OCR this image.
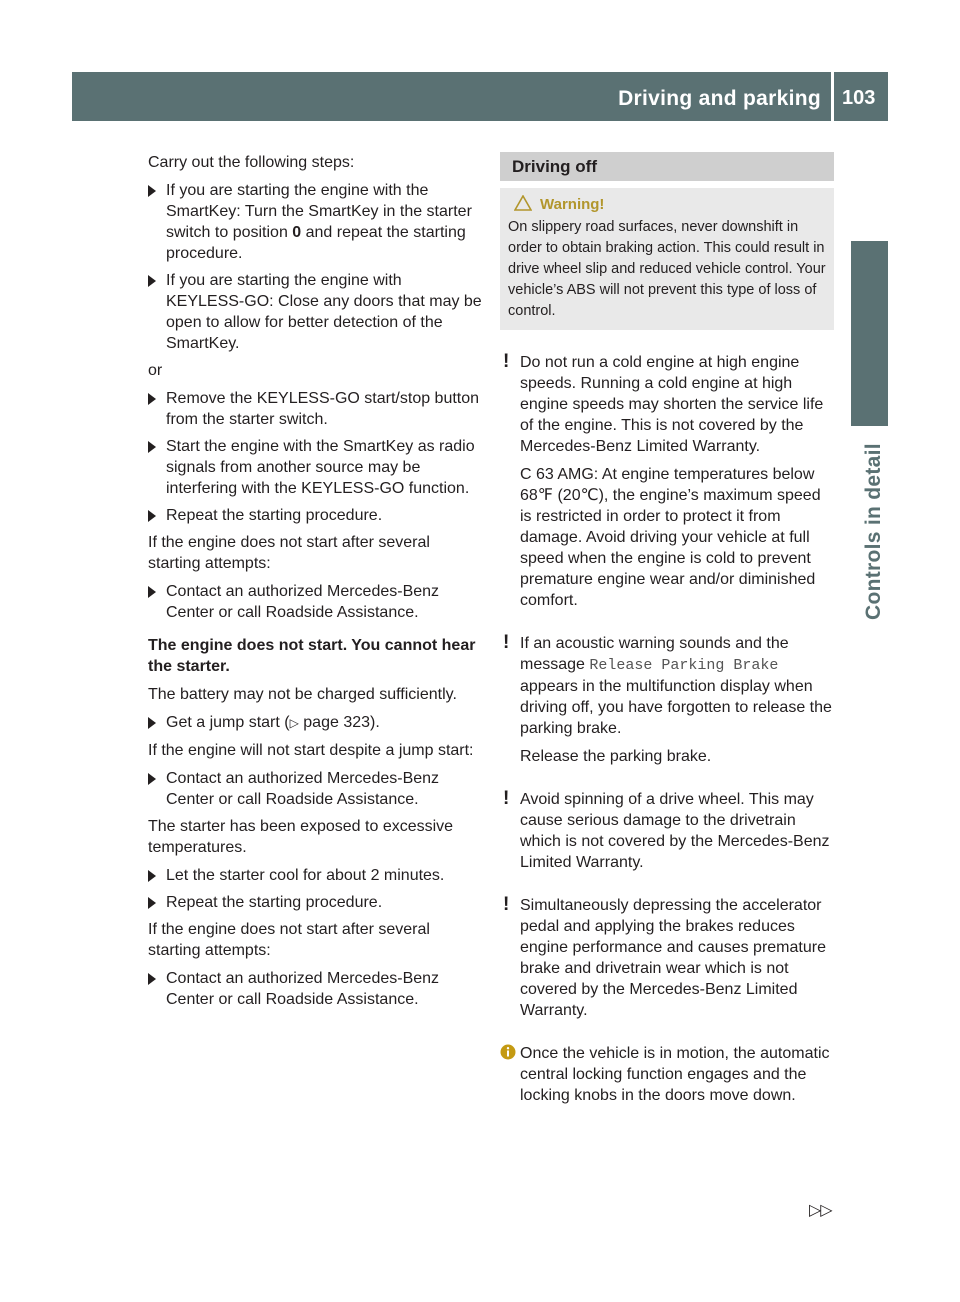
Driving and parking 103
Controls in detail

Carry out the following steps:

If you are starting the engine with the SmartKey: Turn the SmartKey in the starter switch to position 0 and repeat the starting procedure.
If you are starting the engine with KEYLESS-GO: Close any doors that may be open to allow for better detection of the SmartKey.

or

Remove the KEYLESS-GO start/stop button from the starter switch.
Start the engine with the SmartKey as radio signals from another source may be interfering with the KEYLESS-GO function.
Repeat the starting procedure.

If the engine does not start after several starting attempts:

Contact an authorized Mercedes-Benz Center or call Roadside Assistance.

The engine does not start. You cannot hear the starter.

The battery may not be charged sufficiently.

Get a jump start (▷ page 323).

If the engine will not start despite a jump start:

Contact an authorized Mercedes-Benz Center or call Roadside Assistance.

The starter has been exposed to excessive temperatures.

Let the starter cool for about 2 minutes.
Repeat the starting procedure.

If the engine does not start after several starting attempts:

Contact an authorized Mercedes-Benz Center or call Roadside Assistance.
Driving off
Warning!
On slippery road surfaces, never downshift in order to obtain braking action. This could result in drive wheel slip and reduced vehicle control. Your vehicle’s ABS will not prevent this type of loss of control.
! Do not run a cold engine at high engine speeds. Running a cold engine at high engine speeds may shorten the service life of the engine. This is not covered by the Mercedes-Benz Limited Warranty.

C 63 AMG: At engine temperatures below 68℉ (20℃), the engine’s maximum speed is restricted in order to protect it from damage. Avoid driving your vehicle at full speed when the engine is cold to prevent premature engine wear and/or diminished comfort.

! If an acoustic warning sounds and the message Release Parking Brake appears in the multifunction display when driving off, you have forgotten to release the parking brake.

Release the parking brake.

! Avoid spinning of a drive wheel. This may cause serious damage to the drivetrain which is not covered by the Mercedes-Benz Limited Warranty.

! Simultaneously depressing the accelerator pedal and applying the brakes reduces engine performance and causes premature brake and drivetrain wear which is not covered by the Mercedes-Benz Limited Warranty.

Once the vehicle is in motion, the automatic central locking function engages and the locking knobs in the doors move down.

▷▷
